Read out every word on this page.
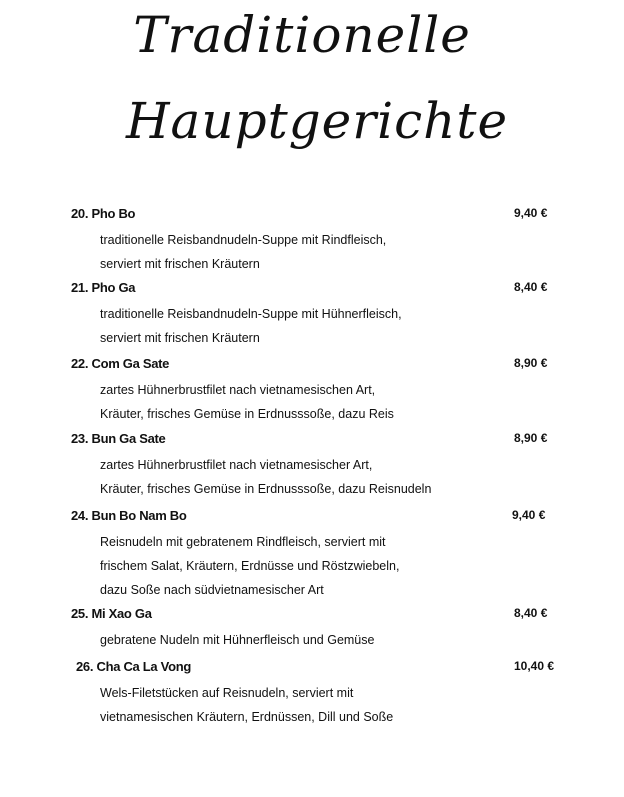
Traditionelle
Hauptgerichte
20. Pho Bo	9,40 €
traditionelle Reisbandnudeln-Suppe mit Rindfleisch,
serviert mit frischen Kräutern
21. Pho Ga	8,40 €
traditionelle Reisbandnudeln-Suppe mit Hühnerfleisch,
serviert mit frischen Kräutern
22. Com Ga Sate	8,90 €
zartes Hühnerbrustfilet nach vietnamesischen Art,
Kräuter, frisches Gemüse in Erdnusssoße, dazu Reis
23. Bun Ga Sate	8,90 €
zartes Hühnerbrustfilet nach vietnamesischer Art,
Kräuter, frisches Gemüse in Erdnusssoße, dazu Reisnudeln
24. Bun Bo Nam Bo	9,40 €
Reisnudeln mit gebratenem Rindfleisch, serviert mit
frischem Salat, Kräutern, Erdnüsse und Röstzwiebeln,
dazu Soße nach südvietnamesischer Art
25. Mi Xao Ga	8,40 €
gebratene Nudeln mit Hühnerfleisch und Gemüse
26. Cha Ca La Vong	10,40 €
Wels-Filetstücken auf Reisnudeln, serviert mit
vietnamesischen Kräutern, Erdnüssen, Dill und Soße
